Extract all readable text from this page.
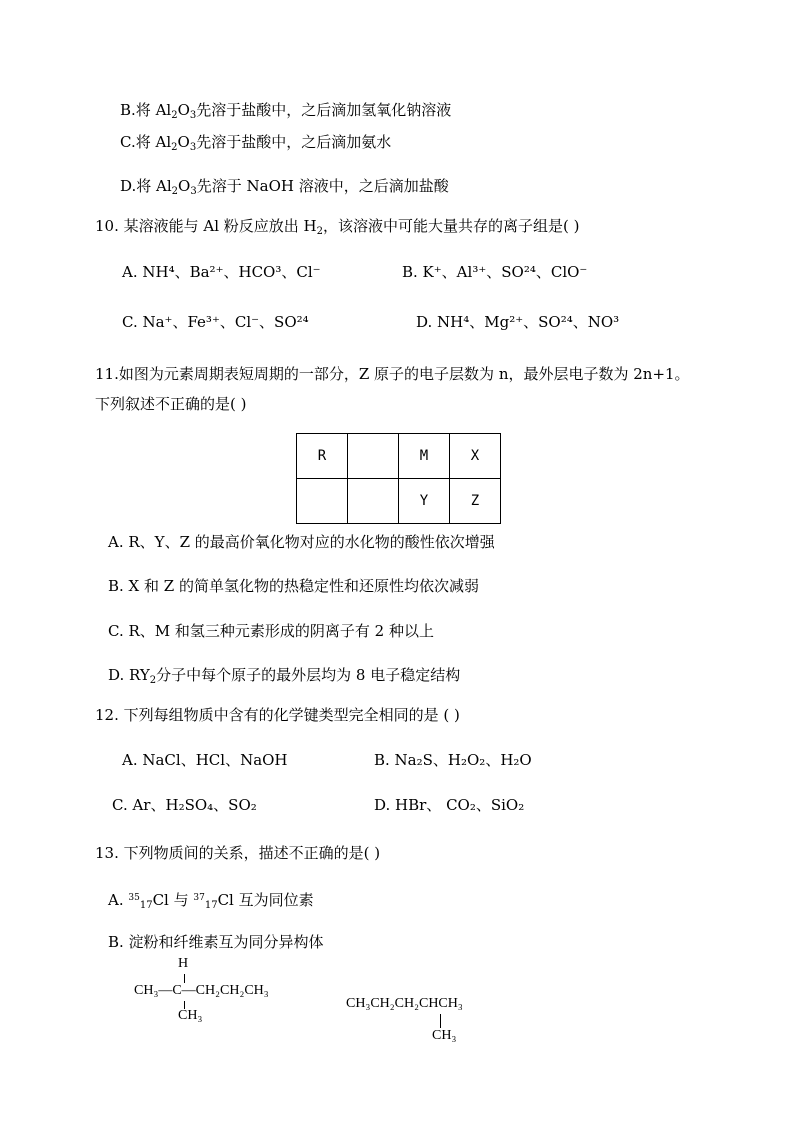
B.将 $Al_2O_3$先溶于盐酸中，之后滴加氢氧化钠溶液
C.将 $Al_2O_3$先溶于盐酸中，之后滴加氨水
D.将 $Al_2O_3$先溶于 NaOH 溶液中，之后滴加盐酸
10. 某溶液能与 Al 粉反应放出 $H_2$，该溶液中可能大量共存的离子组是( )
A. NH⁴、Ba²⁺、HCO³、Cl⁻	B. K⁺、Al³⁺、SO²⁴、ClO⁻
C. Na⁺、Fe³⁺、Cl⁻、SO²⁴	D. NH⁴、Mg²⁺、SO²⁴、NO³
11.如图为元素周期表短周期的一部分，Z 原子的电子层数为 n，最外层电子数为 2n+1。
下列叙述不正确的是( )
R		M	X
		Y	Z
A. R、Y、Z 的最高价氧化物对应的水化物的酸性依次增强
B. X 和 Z 的简单氢化物的热稳定性和还原性均依次减弱
C. R、M 和氢三种元素形成的阴离子有 2 种以上
D. $RY_2$分子中每个原子的最外层均为 8 电子稳定结构
12. 下列每组物质中含有的化学键类型完全相同的是 ( )
A. NaCl、HCl、NaOH	B. Na₂S、H₂O₂、H₂O
C. Ar、H₂SO₄、SO₂	D. HBr、 CO₂、SiO₂
13. 下列物质间的关系，描述不正确的是( )
A. $^{35}_{17}$Cl 与 $^{37}_{17}$Cl 互为同位素
B. 淀粉和纤维素互为同分异构体
H
CH₃—C—CH₂CH₂CH₃
CH₃
CH₃CH₂CH₂CHCH₃
CH₃
